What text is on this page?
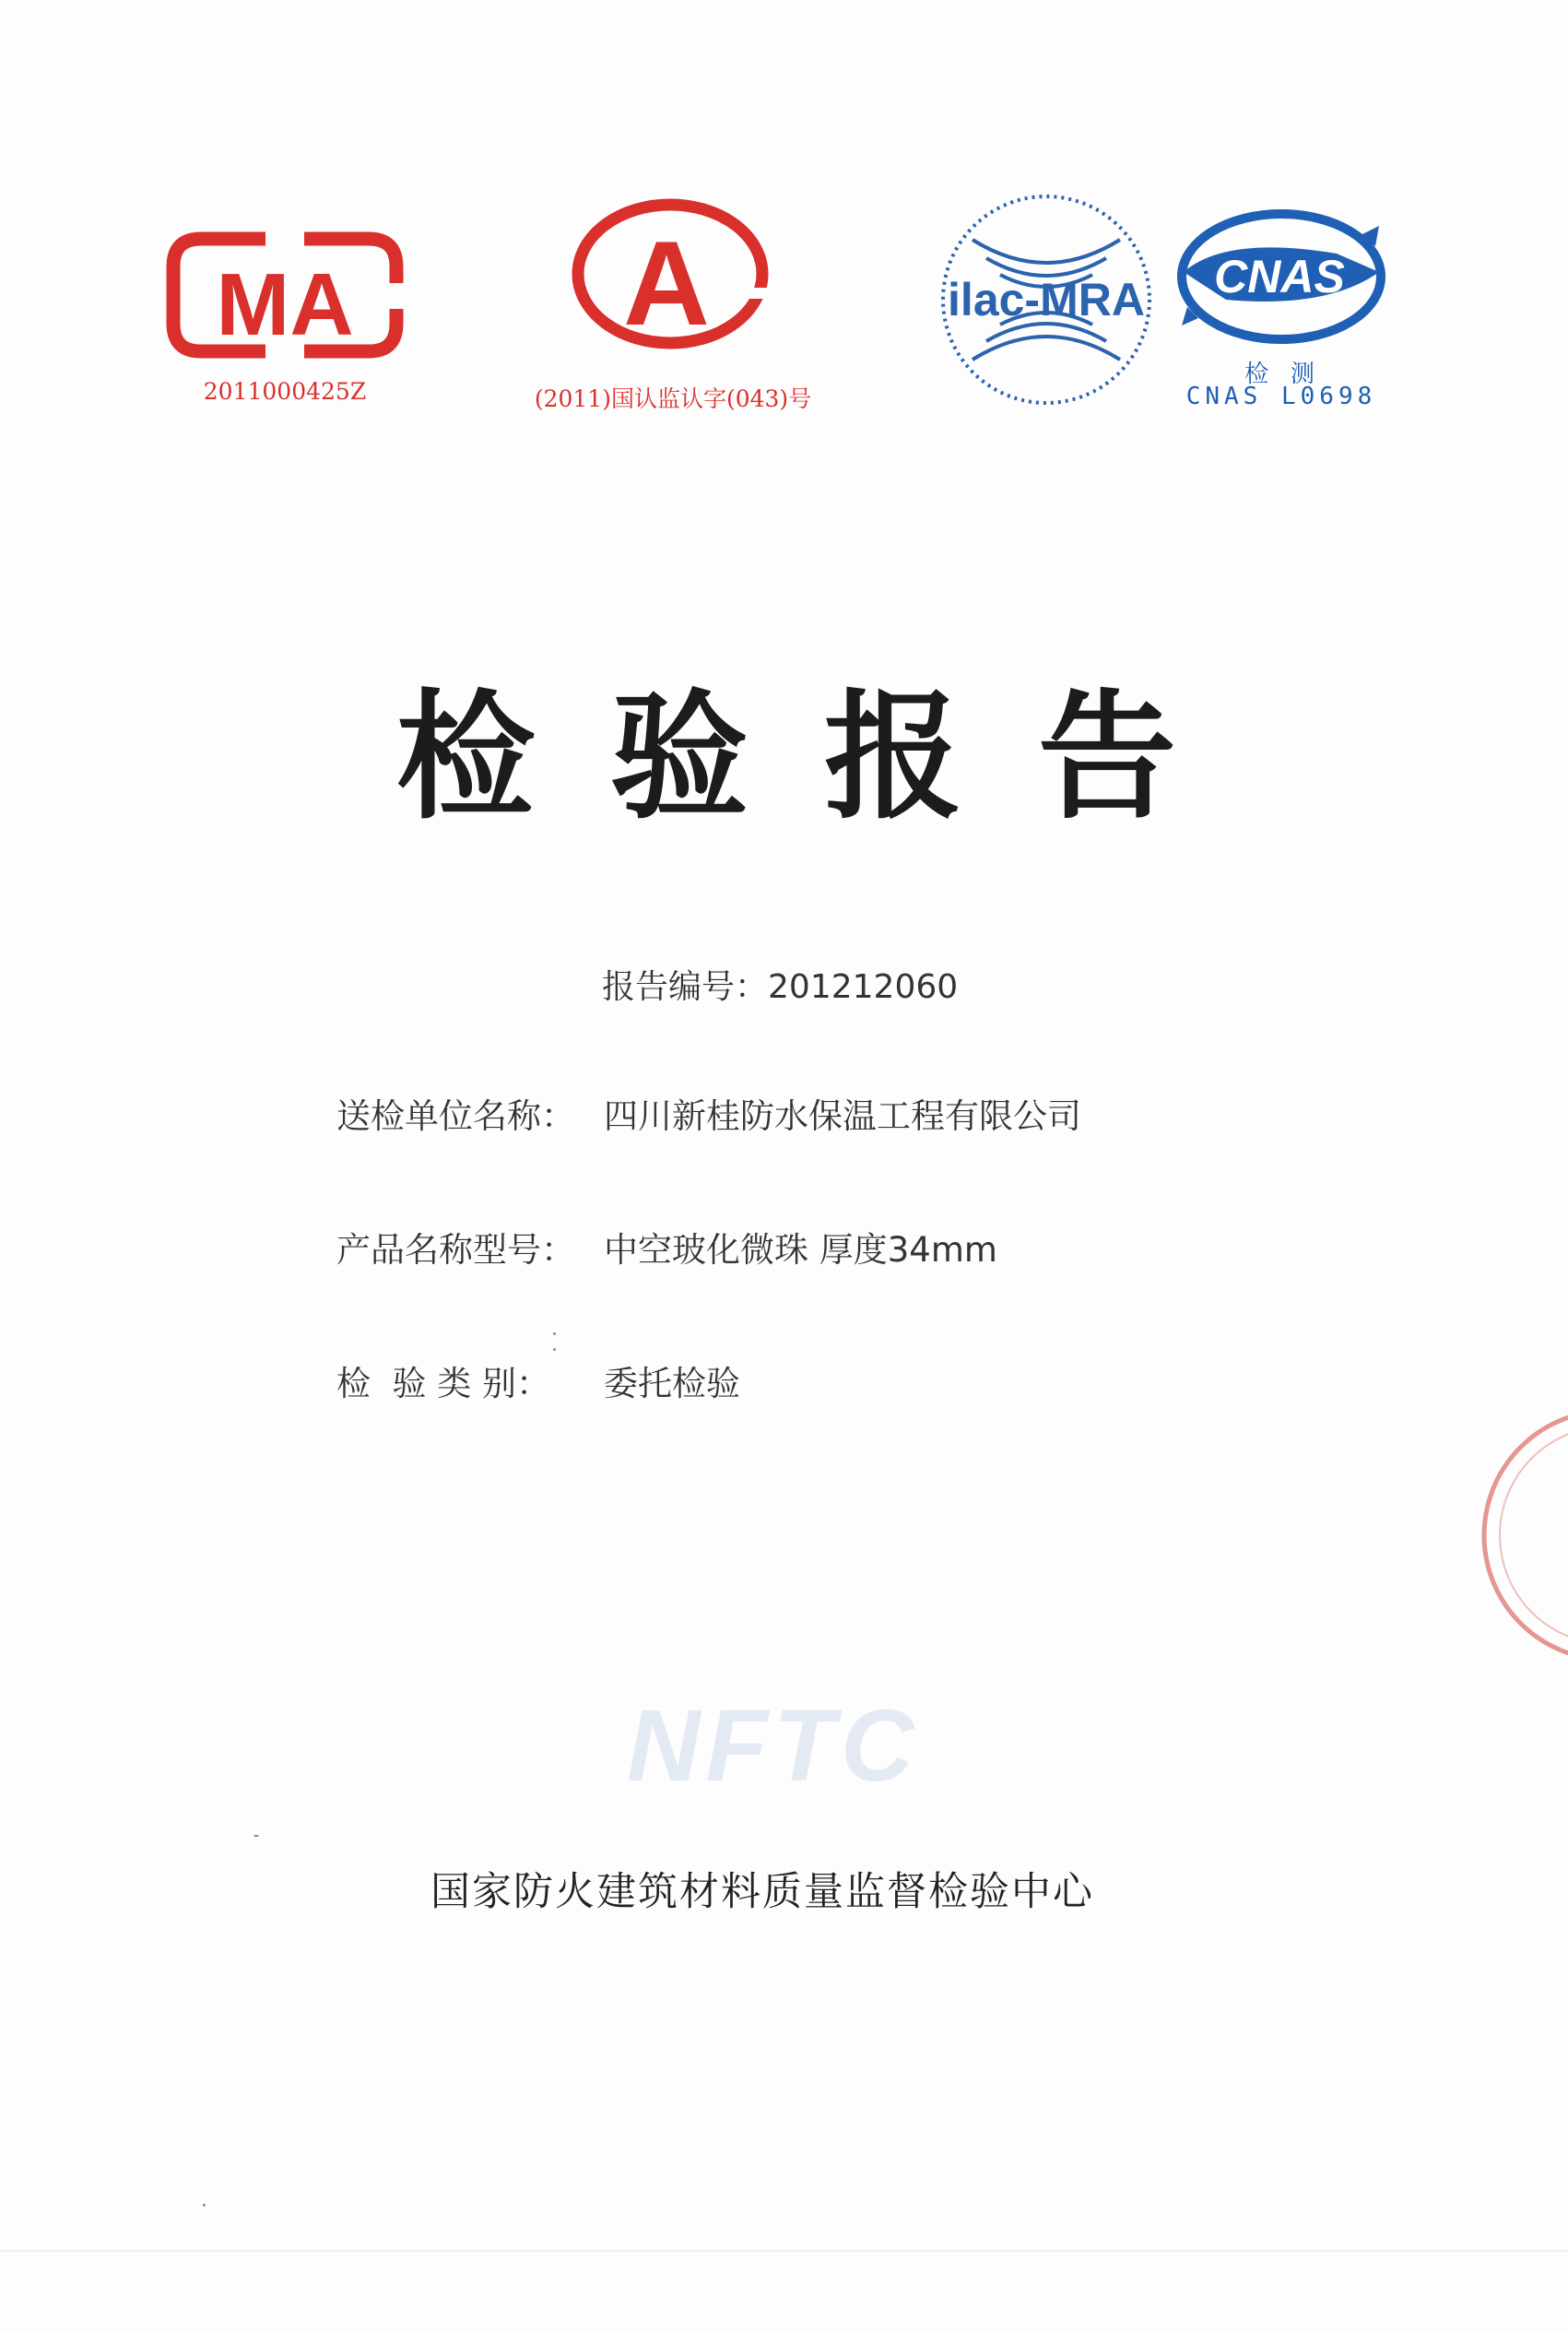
MA
2011000425Z
A
(2011)国认监认字(043)号
ilac-MRA CNAS
检 测
CNAS L0698
检验报告
报告编号：201212060
送检单位名称： 四川新桂防水保温工程有限公司
产品名称型号： 中空玻化微珠 厚度34mm
检  验 类 别： 委托检验
NFTC
国家防火建筑材料质量监督检验中心
